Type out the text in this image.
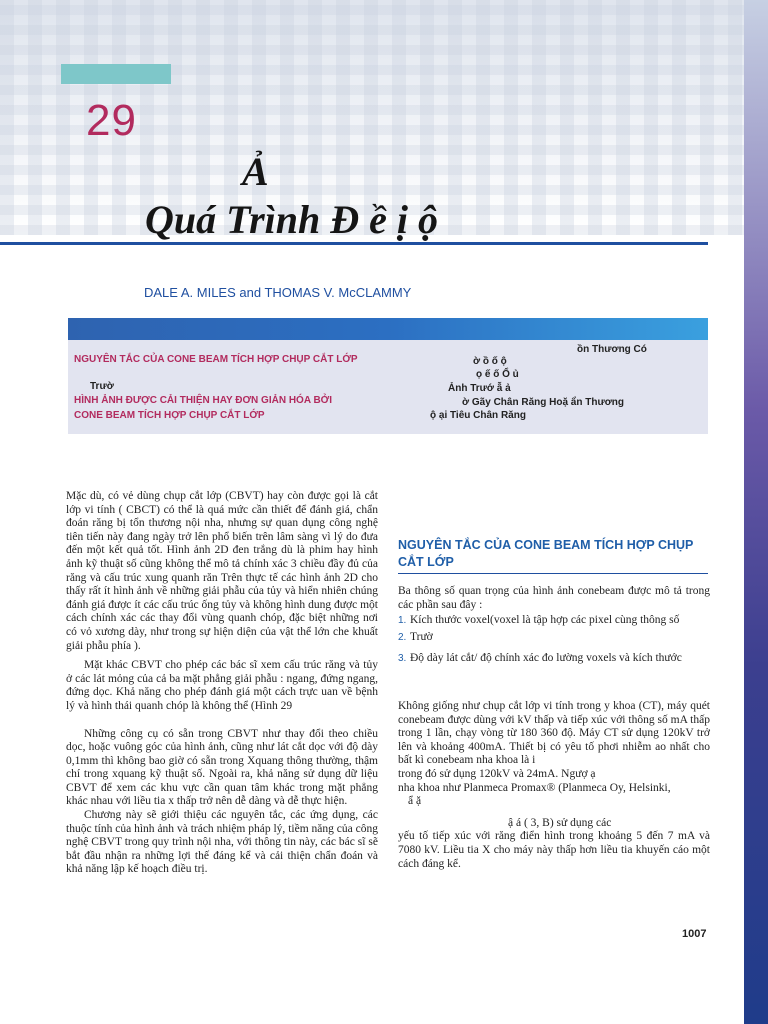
29
Ả
Quá Trình Đ ề ị ộ
DALE A. MILES and THOMAS V. McCLAMMY
NGUYÊN TẮC CỦA CONE BEAM TÍCH HỢP CHỤP CẮT LỚP
Trườ
HÌNH ẢNH ĐƯỢC CẢI THIỆN HAY ĐƠN GIẢN HÓA BỞI
CONE BEAM TÍCH HỢP CHỤP CẮT LỚP
ồn Thương Có
ờ ồ ố ộ
ọ ế ố Ổ ủ
Ảnh Trướ ẫ ả
ờ Gãy Chân Răng Hoặ ẩn Thương
ộ ại Tiêu Chân Răng

Mặc dù, có vẻ dùng chụp cắt lớp (CBVT) hay còn được gọi là cắt lớp vi tính ( CBCT) có thể là quá mức cần thiết để đánh giá, chẩn đoán răng bị tổn thương nội nha, nhưng sự quan dụng công nghệ tiên tiến này đang ngày trở lên phổ biến trên lâm sàng vì lý do đưa đến một kết quả tốt. Hình ảnh 2D đen trắng dù là phim hay hình ảnh kỹ thuật số cũng không thể mô tả chính xác 3 chiều đầy đủ của răng và cấu trúc xung quanh răn Trên thực tế các hình ảnh 2D cho thấy rất ít hình ảnh về những giải phẫu của tủy và hiển nhiên chúng đánh giá được ít các cấu trúc ống tủy và không hình dung được một cách chính xác các thay đổi vùng quanh chóp, đặc biệt những nơi có vỏ xương dày, như trong sự hiện diện của vật thể lớn che khuất giải phẫu phía ).

Mặt khác CBVT cho phép các bác sĩ xem cấu trúc răng và tủy ở các lát mỏng của cả ba mặt phẳng giải phẫu : ngang, đứng ngang, đứng dọc. Khả năng cho phép đánh giá một cách trực uan về bệnh lý và hình thái quanh chóp là không thể (Hình 29

Những công cụ có sẵn trong CBVT như thay đổi theo chiều dọc, hoặc vuông góc của hình ảnh, cũng như lát cắt dọc với độ dày 0,1mm thì không bao giờ có sẵn trong Xquang thông thường, thậm chí trong xquang kỹ thuật số. Ngoài ra, khả năng sử dụng dữ liệu CBVT để xem các khu vực cần quan tâm khác trong mặt phẳng khác nhau với liều tia x thấp trở nên dễ dàng và dễ thực hiện.

Chương này sẽ giới thiệu các nguyên tắc, các ứng dụng, các thuộc tính của hình ảnh và trách nhiệm pháp lý, tiềm năng của công nghệ CBVT trong quy trình nội nha, với thông tin này, các bác sĩ sẽ bắt đầu nhận ra những lợi thế đáng kể và cải thiện chẩn đoán và khả năng lập kế hoạch điều trị.

NGUYÊN TẮC CỦA CONE BEAM TÍCH HỢP CHỤP CẮT LỚP

Ba thông số quan trọng của hình ảnh conebeam được mô tả trong các phần sau đây :

1. Kích thước voxel(voxel là tập hợp các pixel cùng thông số
2. Trườ
3. Độ dày lát cắt/ độ chính xác đo lường voxels và kích thước

Không giống như chụp cắt lớp vi tính trong y khoa (CT), máy quét conebeam được dùng với kV thấp và tiếp xúc với thông số mA thấp trong 1 lần, chạy vòng từ 180 360 độ. Máy CT sử dụng 120kV trở lên và khoảng 400mA. Thiết bị có yêu tố phơi nhiễm ao nhất cho bất kì conebeam nha khoa là i

trong đó sử dụng 120kV và 24mA. Ngượ ạ

nha khoa như Planmeca Promax® (Planmeca Oy, Helsinki,

ẩ ặ

ậ á ( 3, B) sử dụng các

yếu tố tiếp xúc với răng điển hình trong khoảng 5 đến 7 mA và 7080 kV. Liều tia X cho máy này thấp hơn liều tia khuyến cáo một cách đáng kể.

1007
